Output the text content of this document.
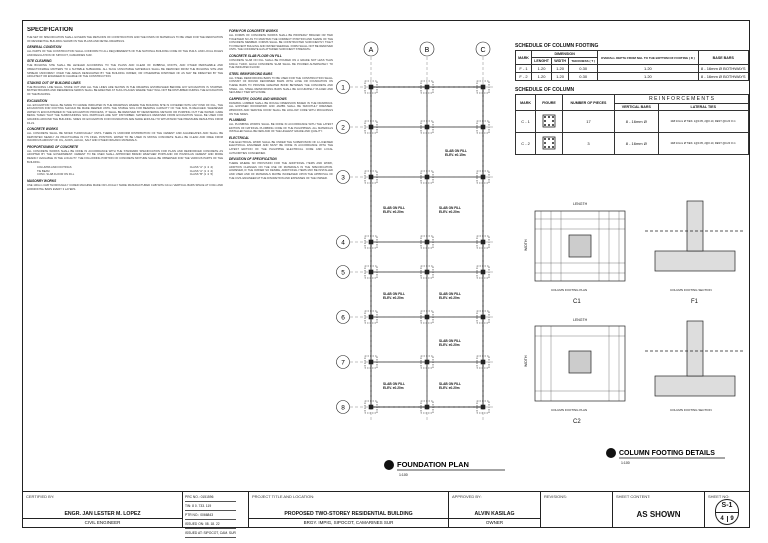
SPECIFICATION

THE SET OF SPECIFICATION SHALL GOVERN THE METHODS OF CONSTRUCTION AND THE KINDS OF MATERIALS TO BE USED FOR THE RENOVATION OF RESIDENTIAL BUILDING SHOWN IN THE PLANS AND DETAIL DRAWINGS.

GENERAL CONDITION

ALL PARTS OF THE CONSTRUCTION SHALL CONFORM TO ALL REQUIREMENTS OF THE NATIONAL BUILDING CODE OF THE PHILS. AND LOCAL RULES AND REGULATION OF SIPOCOT, CAMARINES SUR.

SITE CLEARING

THE BUILDING SITE SHALL BE LEVELED ACCORDING TO THE PLANS AND CLEAR OF RUBBISH, ROOTS, AND OTHER PERISHABLE AND OBJECTIONABLE MATTERS TO A SUITABLE SUBGRADE. ALL SUCH UNSUITABLE MATERIALS SHALL BE REMOVED FROM THE BUILDING SITE AND SPREAD UNIFORMLY OVER THE AREAS DESIGNATED BY THE BUILDING OWNER, OR OTHERWISE DISPOSED OF AS MAY BE DIRECTED BY THE ARCHITECT OR ENGINEER IN CHARGE OF THE CONSTRUCTION.

STAKING OUT OF BUILDING LINES

THE BUILDING LINE SHALL STAKE OUT AND ALL THE LINES ARE SHOWN IN THE DRAWING ESTABLISHED BEFORE ANY EXCAVATION IS STARTED. BATTER BOARDS AND REFERENCE MARKS SHALL BE ERECTED AT SUCH PLACES WHERE THEY WILL NOT BE DISTURBED DURING THE EXCAVATION OF THE BUILDING.

EXCAVATION

ALL EXCAVATION SHALL BE MADE TO GRADE INDICATED IN THE DRAWINGS WHERE THE BUILDING SITE IS COVERED WITH ANY KIND OF FILL, THE EXCAVATION FOR FOOTING SHOULD BE MADE DEEPER UNTIL THE STABLE SOIL FOR BEARING CAPACITY OF THE SOIL IS REACHED. WHENEVER WATER IS ENCOUNTERED IN THE EXCAVATION PROCESS, IT SHALL BE REMOVED BY DEWATERING METHOD OR PUMPING OUT THE WATER. CARE BEING TAKEN THAT THE SURROUNDING SOIL PARTICLES ARE NOT DISTURBED. MATERIALS REMOVED FROM EXCAVATION SHALL BE USED FOR GRADING AROUND THE BUILDING. SIDES OF EXCAVATION FOR FOUNDATION ARE MADE ENOUGH TO WITHSTAND THE PRESSURE RESULTING FROM FILLS.

CONCRETE WORKS

ALL CONCRETE SHALL BE MIXED THOROUGHLY UNTIL THERE IS UNIFORM DISTRIBUTION OF THE CEMENT AND AGGREGATES AND SHALL BE DEPOSITED NEARLY AS PRACTICABLE IN ITS FINAL POSITION. WATER TO BE USED IN MIXING CONCRETE SHALL BE CLEAN AND FREE FROM INJURIOUS AMOUNT OF OIL, ACIDS, ALKALI, SALT AND OTHER ORGANIC MATERIALS.

PROPORTIONING OF CONCRETE

ALL CONCRETE WORKS SHALL BE DONE IN ACCORDANCE WITH THE STANDARD SPECIFICATION FOR PLAIN AND REINFORCED CONCRETE AS ADOPTED BY THE GOVERNMENT. CEMENT TO BE USED SHALL APPROVED BRAND WHETHER PORTLAND OR POZZOLAN CEMENT AND MORE READILY AVAILABLE IN THE LOCALITY. THE FOLLOWING PORTION OF CONCRETE MIXTURE SHALL BE OBSERVED FOR THE VARIOUS PARTS OF THE BUILDING.

COLUMNS AND FOOTINGS	CLASS "A" (1 :2 :4)
TIE BEAM	CLASS "A" (1 :2 :4)
CONC. SLAB FLOOR ON FILL	CLASS "B" (1 :2 :5)
MASONRY WORKS

USE 100mm CHB THOROUGHLY CURED MACHINE MADE OR LOCALLY MADE MANUFACTURED CHB WITH 10mm VERTICAL BARS SPACE AT 0.60m AND HORIZONTAL BARS EVERY 3 LAYERS.

FORM FOR CONCRETE WORKS

ALL FORMS OF CONCRETE WORKS SHALL BE PROPERLY BRACED OR TIED TOGETHER SO AS TO MAINTAIN THE CORRECT POSITION AND SHAPE OF THE CONCRETE MEMBER. FORMS SHALL BE CONSTRUCTED SUFFICIENTLY TIGHT TO PREVENT BULGING AND WATER SEEPAGE. FORM SHALL NOT BE REMOVED UNTIL THE CONCRETE HAS ATTAINED SUFFICIENT STRENGTH.

CONCRETE SLAB FLOOR ON FILL

CONCRETE SLAB ON FILL SHALL BE POURED ON A GRADE NOT LESS THAN 100mm THICK. EACH CONCRETE SLAB SHALL BE POURED ALTERNATELY TO THE INDICATED FLOOR.

STEEL REINFORCING BARS

ALL STEEL REINFORCING BARS TO BE USED FOR THE CONSTRUCTION SHALL CONSIST OF ROUND DEFORMED BARS WITH LOSE OR FOUNDATION ON THESE BARS TO PROVIDE GREATER BOND BETWEEN THE CONCRETE AND STEEL. ALL STEEL REINFORCING BARS SHALL BE ACCURATELY PLACED AND SECURELY TIED WITH WIRE.

CARPENTRY, DOORS AND WINDOWS

FRAMING LUMBER SHALL BE ROUGH DIMENSION BASED IN THE DRAWINGS. ALL EXPOSED WOODWORK AND JAMBS SHALL BE SMOOTHLY DRESSED. WINDOWS AND SERVICE DOOR SHALL BE HOLLOW CORE WITH MOULDINGS ON THE SIDES.

PLUMBING

ALL PLUMBING WORKS SHALL BE DONE IN ACCORDANCE WITH THE LATEST EDITION OF NATIONAL PLUMBING CODE OF THE PHILIPPINES. ALL MATERIALS INSTALLED SHALL BE NEW AND OF THE HIGHEST GRADE AND QUALITY.

ELECTRICAL

THE ELECTRICAL WORK SHALL BE UNDER THE SUPERVISION OF A LICENSED ELECTRICAL ENGINEER AND MUST BE DONE IN ACCORDANCE WITH THE LATEST EDITION OF THE PHILIPPINE ELECTRICAL CODE AND LOCAL AUTHORITIES CONCERNED.

DEVIATION OF SPECIFICATION

THERE WHERE NO PROVISION FOR THE ADDITIONAL ITEMS AND WORK, ADDITION CHANGES ON THE USE OF MATERIALS IN THE SPECIFICATION. HOWEVER, IF THE OWNER SO DESIRE, ADDITIONAL ITEMS MAY BE INSTALLED AND USED AND OF MATERIALS MAYBE INCREASED UPON THE APPROVAL OF THE CIVIL ENGINEER AT THE DISCRETION AND EXPENSES OF THE OWNER.

A	B	C
1
2
3
4
5
6
7
8
SLAB ON FILL
ELEV. ±0.15m
SLAB ON FILL
ELEV. ±0.20m
SLAB ON FILL
ELEV. ±0.20m
SLAB ON FILL
ELEV. ±0.20m
SLAB ON FILL
ELEV. ±0.20m
SLAB ON FILL
ELEV. ±0.20m
SLAB ON FILL
ELEV. ±0.20m
SLAB ON FILL
ELEV. ±0.20m
FOUNDATION PLAN
1:100
SCHEDULE OF COLUMN FOOTING
MARK	DIMENSION			OVERALL DEPTH FROM NGL TO THE BOTTOM OF FOOTING ( D )	BASE BARS
	LENGHT	WIDTH	THICKNESS ( T )		
F - 1	1.20	1.20	0.30	1.20	8 - 16mm Ø BOTHWAYS
F - 2	1.20	1.20	0.30	1.20	8 - 16mm Ø BOTHWAYS
SCHEDULE OF COLUMN
MARK	FIGURE	NUMBER OF PIECES	R E I N F O R C E M E N T S	
			VERTICAL BARS	LATERAL TIES
C - 1		17	8 - 16mm Ø	10Ø 10mm Ø TIES: 1@0.05, 2@0.10, REST @0.20 O.C.
C - 2		3	8 - 16mm Ø	10Ø 10mm Ø TIES: 1@0.05, 2@0.10, REST @0.20 O.C.
LENGTH
WIDTH
COLUMN FOOTING PLAN	COLUMN FOOTING SECTION
C1	F1
LENGTH
WIDTH
COLUMN FOOTING PLAN	COLUMN FOOTING SECTION
C2
COLUMN FOOTING DETAILS
1:100
CERTIFIED BY:
ENGR. JAN LESTER M. LOPEZ
CIVIL ENGINEER
PRC NO.: 0151596
TIN: 8 0. 733. 119
PTR NO.: 0066843
ISSUED ON: 08. 18. 22
ISSUED AT: SIPOCOT, CAM. SUR
PROJECT TITLE AND LOCATION:
PROPOSED TWO-STOREY RESIDENTIAL BUILDING
BRGY. IMPIG, SIPOCOT, CAMARINES SUR
APPROVED BY:
ALVIN KASILAG
OWNER
REVISIONS:	SHEET CONTENT:
AS SHOWN
SHEET NO:
S-1
4 9
